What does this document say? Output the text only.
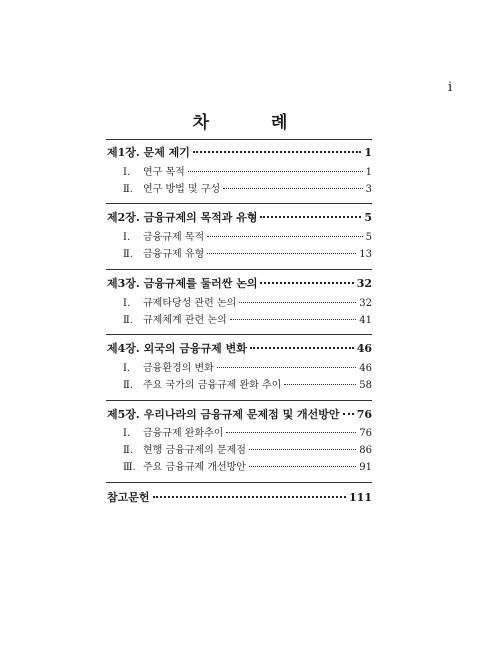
i
차 례
제1장. 문제 제기	1
Ⅰ.	연구 목적	1
Ⅱ.	연구 방법 및 구성	3
제2장. 금융규제의 목적과 유형	5
Ⅰ.	금융규제 목적	5
Ⅱ.	금융규제 유형	13
제3장. 금융규제를 둘러싼 논의	32
Ⅰ.	규제타당성 관련 논의	32
Ⅱ.	규제체계 관련 논의	41
제4장. 외국의 금융규제 변화	46
Ⅰ.	금융환경의 변화	46
Ⅱ.	주요 국가의 금융규제 완화 추이	58
제5장. 우리나라의 금융규제 문제점 및 개선방안 76
Ⅰ.	금융규제 완화추이	76
Ⅱ.	현행 금융규제의 문제점	86
Ⅲ. 주요 금융규제 개선방안	91
참고문헌	111
